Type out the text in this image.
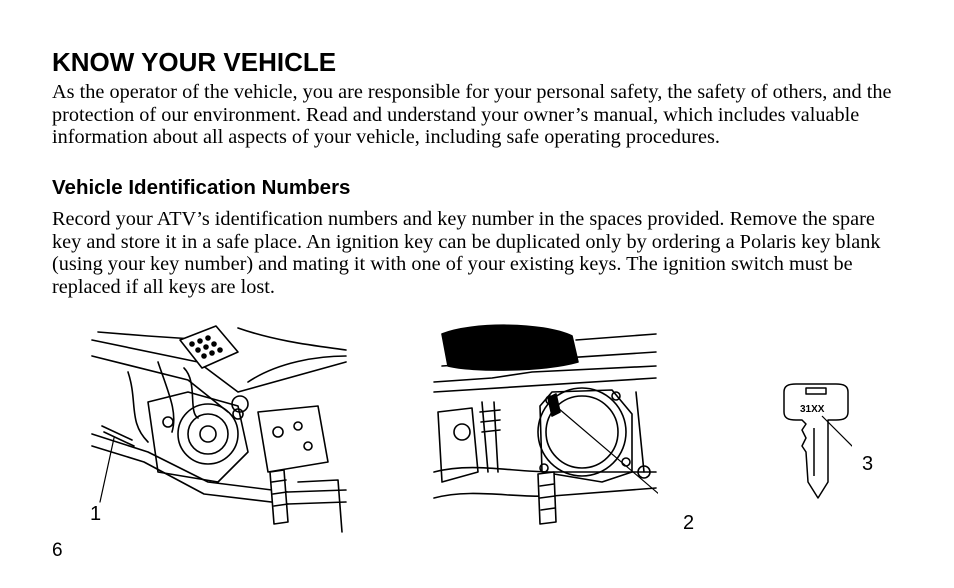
KNOW YOUR VEHICLE

As the operator of the vehicle, you are responsible for your personal safety, the safety of others, and the protection of our environment. Read and understand your owner’s manual, which includes valuable information about all aspects of your vehicle, including safe operating procedures.

Vehicle Identification Numbers

Record your ATV’s identification numbers and key number in the spaces provided. Remove the spare key and store it in a safe place. An ignition key can be duplicated only by ordering a Polaris key blank (using your key number) and mating it with one of your existing keys. The ignition switch must be replaced if all keys are lost.

31XX
1	2
3
6
